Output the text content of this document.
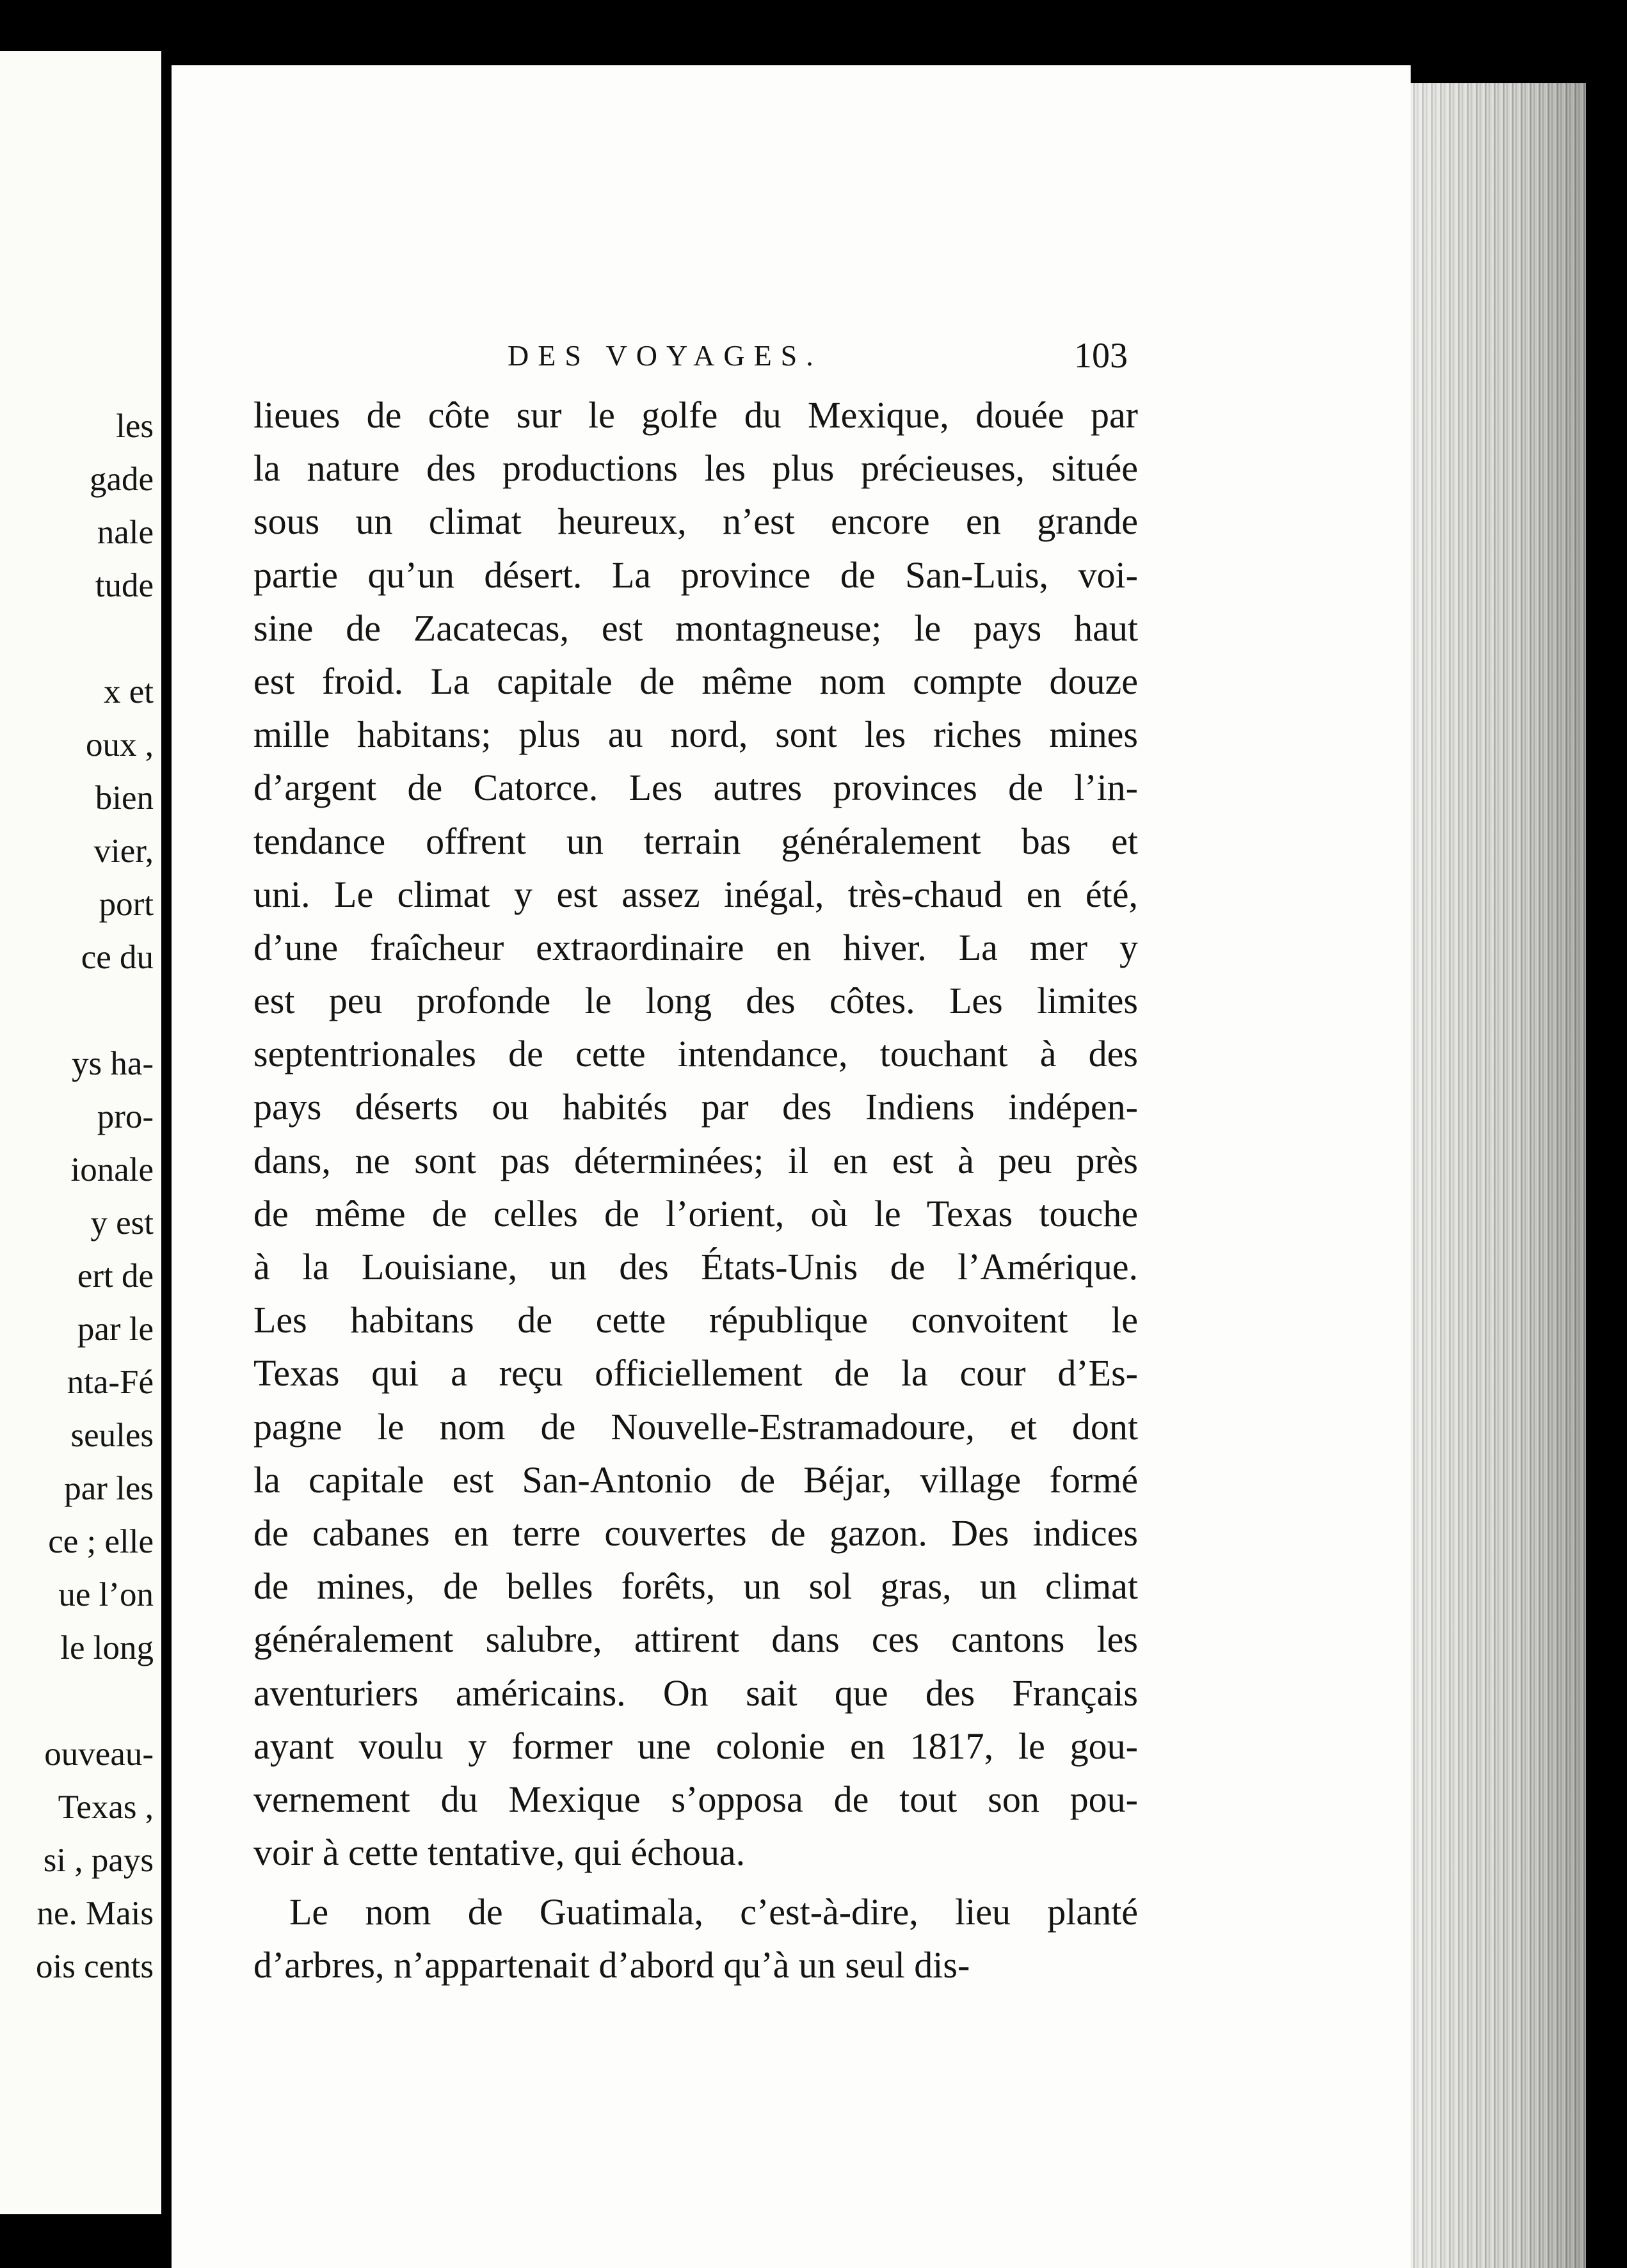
les
gade
nale
tude
x et
oux ,
bien
vier,
port
ce du
ys ha-
pro-
ionale
y est
ert de
par le
nta-Fé
seules
par les
ce ; elle
ue l’on
le long
ouveau-
Texas ,
si , pays
ne. Mais
ois cents
DES VOYAGES.	103
lieues de côte sur le golfe du Mexique, douée par
la nature des productions les plus précieuses, située
sous un climat heureux, n’est encore en grande
partie qu’un désert. La province de San-Luis, voi-
sine de Zacatecas, est montagneuse; le pays haut
est froid. La capitale de même nom compte douze
mille habitans; plus au nord, sont les riches mines
d’argent de Catorce. Les autres provinces de l’in-
tendance offrent un terrain généralement bas et
uni. Le climat y est assez inégal, très-chaud en été,
d’une fraîcheur extraordinaire en hiver. La mer y
est peu profonde le long des côtes. Les limites
septentrionales de cette intendance, touchant à des
pays déserts ou habités par des Indiens indépen-
dans, ne sont pas déterminées; il en est à peu près
de même de celles de l’orient, où le Texas touche
à la Louisiane, un des États-Unis de l’Amérique.
Les habitans de cette république convoitent le
Texas qui a reçu officiellement de la cour d’Es-
pagne le nom de Nouvelle-Estramadoure, et dont
la capitale est San-Antonio de Béjar, village formé
de cabanes en terre couvertes de gazon. Des indices
de mines, de belles forêts, un sol gras, un climat
généralement salubre, attirent dans ces cantons les
aventuriers américains. On sait que des Français
ayant voulu y former une colonie en 1817, le gou-
vernement du Mexique s’opposa de tout son pou-
voir à cette tentative, qui échoua.
Le nom de Guatimala, c’est-à-dire, lieu planté
d’arbres, n’appartenait d’abord qu’à un seul dis-
